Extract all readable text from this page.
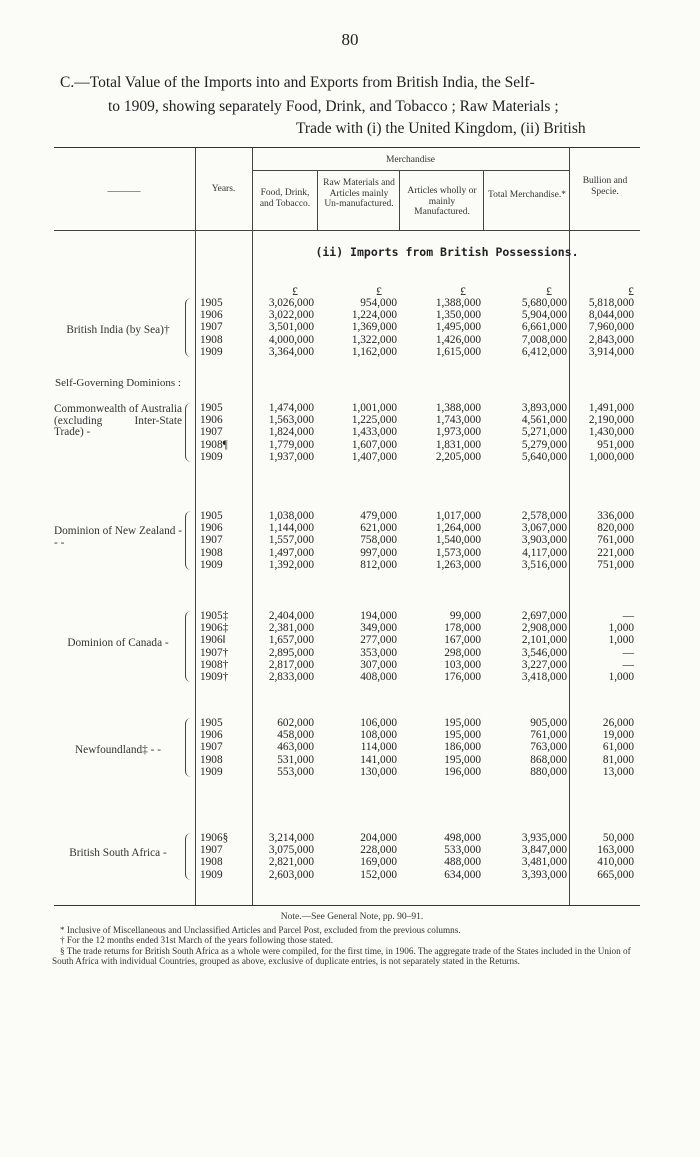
80
C.—Total Value of the Imports into and Exports from British India, the Self-
to 1909, showing separately Food, Drink, and Tobacco ; Raw Materials ;
Trade with (i) the United Kingdom, (ii) British
———	Years.
Merchandise
Food, Drink, and Tobacco.
Raw Materials and Articles mainly Un-manufactured.
Articles wholly or mainly Manufactured.
Total Merchandise.*
Bullion and Specie.
(ii) Imports from British Possessions.
£	£	£	£	£
Self-Governing Dominions :
British India (by Sea)†
1905	3,026,000	954,000	1,388,000	5,680,000	5,818,000
1906	3,022,000	1,224,000	1,350,000	5,904,000	8,044,000
1907	3,501,000	1,369,000	1,495,000	6,661,000	7,960,000
1908	4,000,000	1,322,000	1,426,000	7,008,000	2,843,000
1909	3,364,000	1,162,000	1,615,000	6,412,000	3,914,000
Commonwealth of Australia (excluding Inter-State Trade) -
1905	1,474,000	1,001,000	1,388,000	3,893,000	1,491,000
1906	1,563,000	1,225,000	1,743,000	4,561,000	2,190,000
1907	1,824,000	1,433,000	1,973,000	5,271,000	1,430,000
1908¶	1,779,000	1,607,000	1,831,000	5,279,000	951,000
1909	1,937,000	1,407,000	2,205,000	5,640,000	1,000,000
Dominion of New Zealand - - -
1905	1,038,000	479,000	1,017,000	2,578,000	336,000
1906	1,144,000	621,000	1,264,000	3,067,000	820,000
1907	1,557,000	758,000	1,540,000	3,903,000	761,000
1908	1,497,000	997,000	1,573,000	4,117,000	221,000
1909	1,392,000	812,000	1,263,000	3,516,000	751,000
Dominion of Canada -
1905‡	2,404,000	194,000	99,000	2,697,000	—
1906‡	2,381,000	349,000	178,000	2,908,000	1,000
1906‖	1,657,000	277,000	167,000	2,101,000	1,000
1907†	2,895,000	353,000	298,000	3,546,000	—
1908†	2,817,000	307,000	103,000	3,227,000	—
1909†	2,833,000	408,000	176,000	3,418,000	1,000
Newfoundland‡ - -
1905	602,000	106,000	195,000	905,000	26,000
1906	458,000	108,000	195,000	761,000	19,000
1907	463,000	114,000	186,000	763,000	61,000
1908	531,000	141,000	195,000	868,000	81,000
1909	553,000	130,000	196,000	880,000	13,000
British South Africa -
1906§	3,214,000	204,000	498,000	3,935,000	50,000
1907	3,075,000	228,000	533,000	3,847,000	163,000
1908	2,821,000	169,000	488,000	3,481,000	410,000
1909	2,603,000	152,000	634,000	3,393,000	665,000
Note.—See General Note, pp. 90–91.
* Inclusive of Miscellaneous and Unclassified Articles and Parcel Post, excluded from the previous columns.
† For the 12 months ended 31st March of the years following those stated.
§ The trade returns for British South Africa as a whole were compiled, for the first time, in 1906. The aggregate trade of the States included in the Union of South Africa with individual Countries, grouped as above, exclusive of duplicate entries, is not separately stated in the Returns.
